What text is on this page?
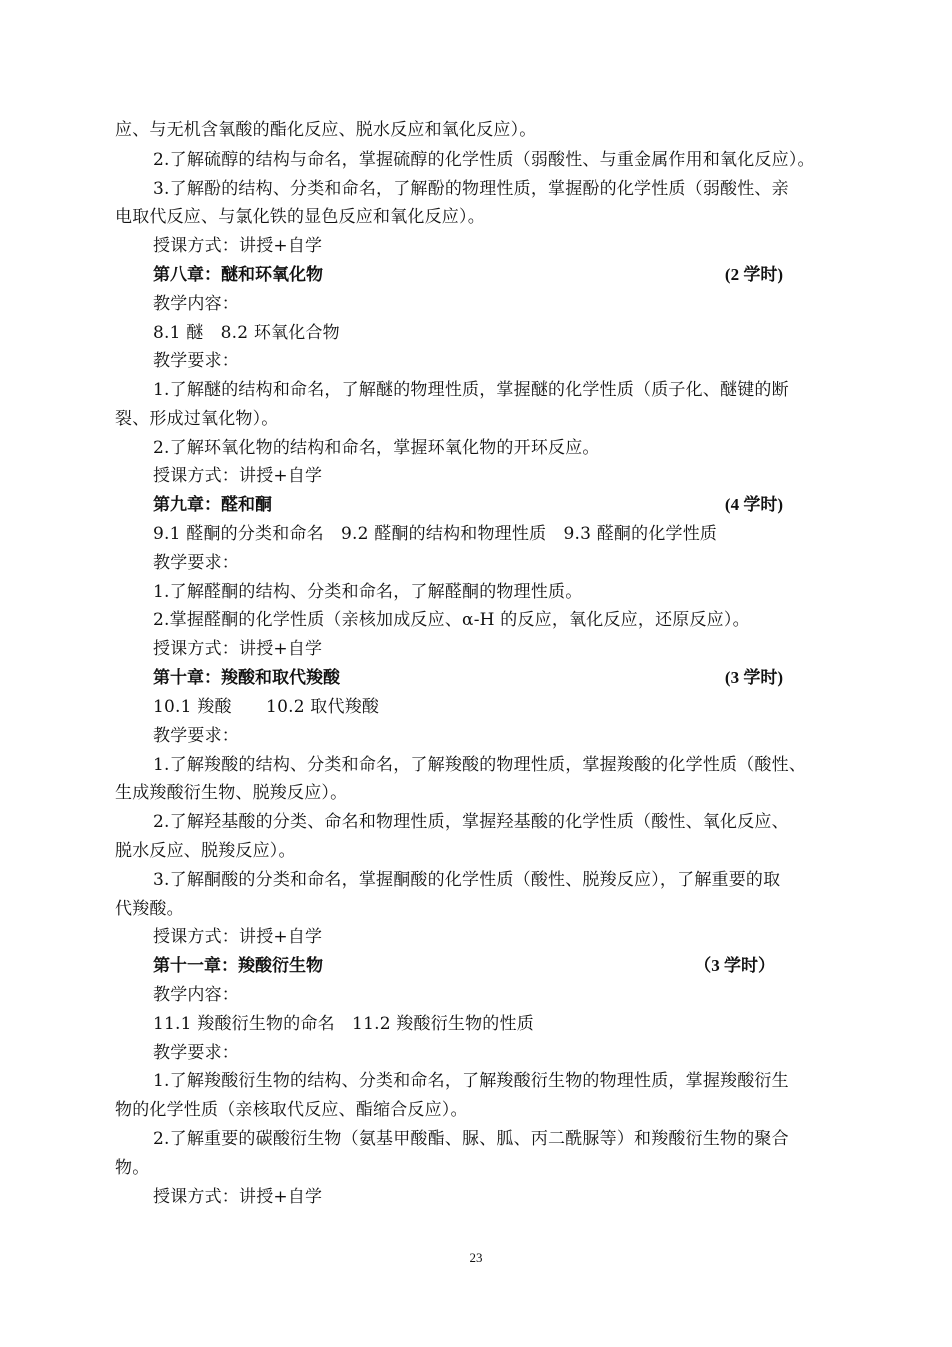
应、与无机含氧酸的酯化反应、脱水反应和氧化反应）。
2.了解硫醇的结构与命名，掌握硫醇的化学性质（弱酸性、与重金属作用和氧化反应）。
3.了解酚的结构、分类和命名，了解酚的物理性质，掌握酚的化学性质（弱酸性、亲
电取代反应、与氯化铁的显色反应和氧化反应）。
授课方式：讲授+自学
第八章：醚和环氧化物	(2 学时)
教学内容：
8.1 醚　8.2 环氧化合物
教学要求：
1.了解醚的结构和命名，了解醚的物理性质，掌握醚的化学性质（质子化、醚键的断
裂、形成过氧化物）。
2.了解环氧化物的结构和命名，掌握环氧化物的开环反应。
授课方式：讲授+自学
第九章：醛和酮	(4 学时)
9.1 醛酮的分类和命名　9.2 醛酮的结构和物理性质　9.3 醛酮的化学性质
教学要求：
1.了解醛酮的结构、分类和命名，了解醛酮的物理性质。
2.掌握醛酮的化学性质（亲核加成反应、α-H 的反应，氧化反应，还原反应）。
授课方式：讲授+自学
第十章：羧酸和取代羧酸	(3 学时)
10.1 羧酸　　10.2 取代羧酸
教学要求：
1.了解羧酸的结构、分类和命名，了解羧酸的物理性质，掌握羧酸的化学性质（酸性、
生成羧酸衍生物、脱羧反应）。
2.了解羟基酸的分类、命名和物理性质，掌握羟基酸的化学性质（酸性、氧化反应、
脱水反应、脱羧反应）。
3.了解酮酸的分类和命名，掌握酮酸的化学性质（酸性、脱羧反应），了解重要的取
代羧酸。
授课方式：讲授+自学
第十一章：羧酸衍生物	（3 学时）
教学内容：
11.1 羧酸衍生物的命名　11.2 羧酸衍生物的性质
教学要求：
1.了解羧酸衍生物的结构、分类和命名，了解羧酸衍生物的物理性质，掌握羧酸衍生
物的化学性质（亲核取代反应、酯缩合反应）。
2.了解重要的碳酸衍生物（氨基甲酸酯、脲、胍、丙二酰脲等）和羧酸衍生物的聚合
物。
授课方式：讲授+自学
23
